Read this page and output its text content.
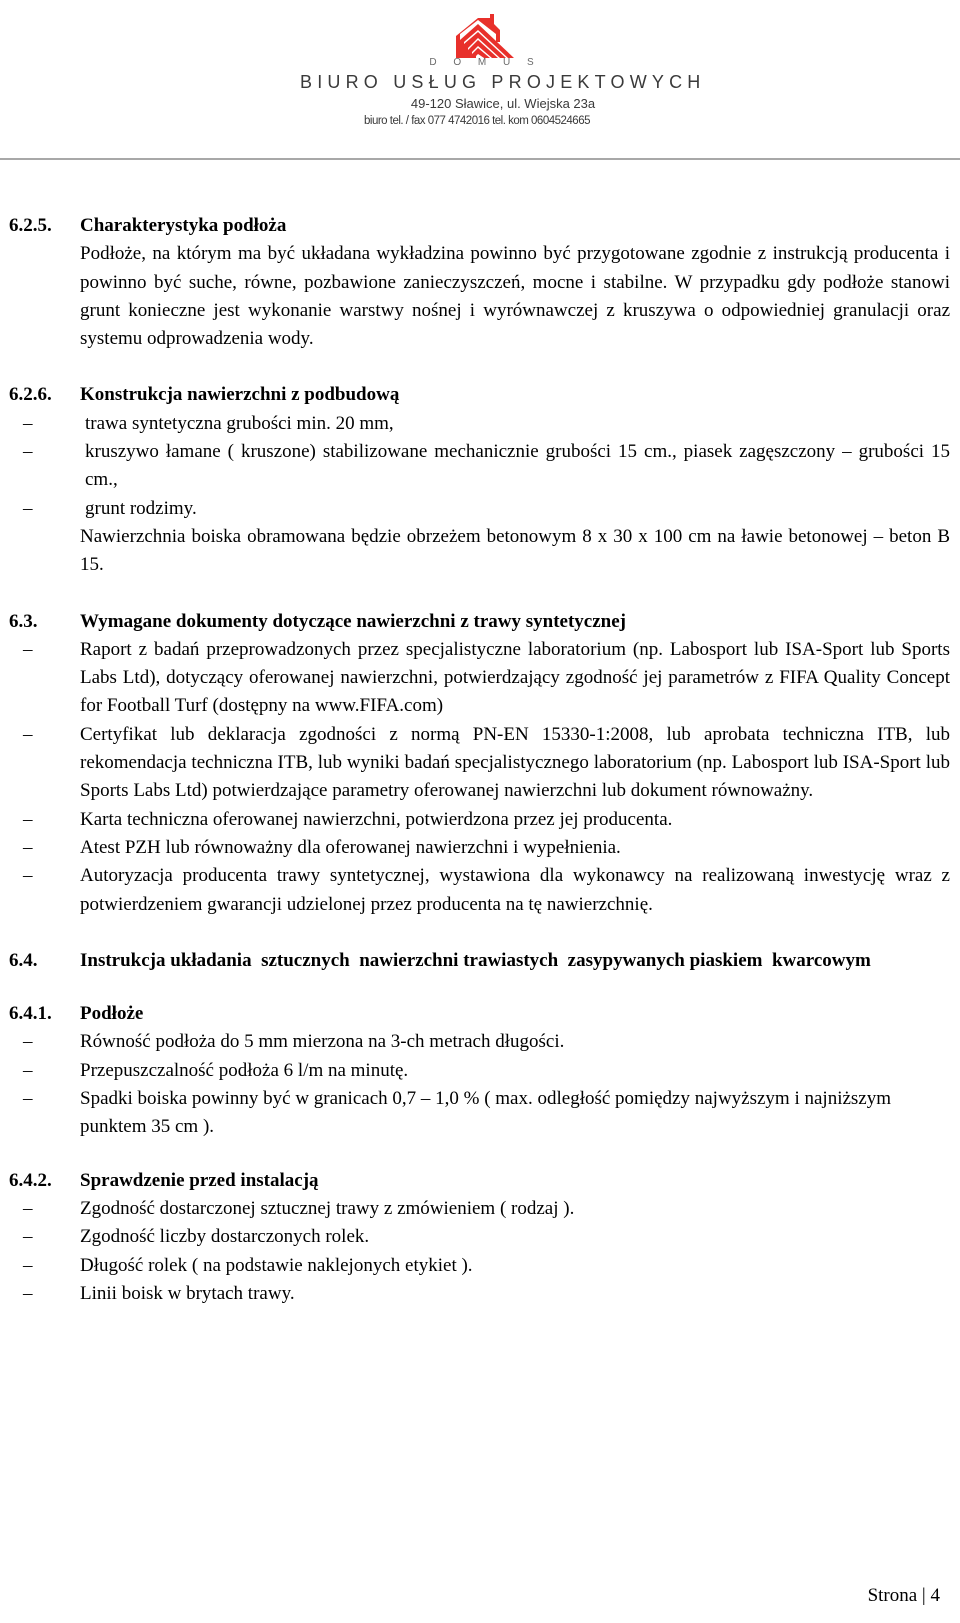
D O M U S
BIURO USŁUG PROJEKTOWYCH
49-120 Sławice, ul. Wiejska 23a
biuro tel. / fax 077 4742016 tel. kom 0604524665
6.2.5.	Charakterystyka podłoża
Podłoże, na którym ma być układana wykładzina powinno być przygotowane zgodnie z instrukcją producenta i powinno być suche, równe, pozbawione zanieczyszczeń, mocne i stabilne. W przypadku gdy podłoże stanowi grunt konieczne jest wykonanie warstwy nośnej i wyrównawczej z kruszywa o odpowiedniej granulacji oraz systemu odprowadzenia wody.
6.2.6.	Konstrukcja nawierzchni z podbudową
–	trawa syntetyczna grubości min. 20 mm,
–	kruszywo łamane ( kruszone) stabilizowane mechanicznie grubości 15 cm., piasek zagęszczony – grubości 15 cm.,
–	grunt rodzimy.
Nawierzchnia boiska obramowana będzie obrzeżem betonowym 8 x 30 x 100 cm na ławie betonowej – beton B 15.
6.3.	Wymagane dokumenty dotyczące nawierzchni z trawy syntetycznej
–	Raport z badań przeprowadzonych przez specjalistyczne laboratorium (np. Labosport lub ISA-Sport lub Sports Labs Ltd), dotyczący oferowanej nawierzchni, potwierdzający zgodność jej parametrów z FIFA Quality Concept for Football Turf (dostępny na www.FIFA.com)
–	Certyfikat lub deklaracja zgodności z normą PN-EN 15330-1:2008, lub aprobata techniczna ITB, lub rekomendacja techniczna ITB, lub wyniki badań specjalistycznego laboratorium (np. Labosport lub ISA-Sport lub Sports Labs Ltd) potwierdzające parametry oferowanej nawierzchni lub dokument równoważny.
–	Karta techniczna oferowanej nawierzchni, potwierdzona przez jej producenta.
–	Atest PZH lub równoważny dla oferowanej nawierzchni i wypełnienia.
–	Autoryzacja producenta trawy syntetycznej, wystawiona dla wykonawcy na realizowaną inwestycję wraz z potwierdzeniem gwarancji udzielonej przez producenta na tę nawierzchnię.
6.4.	Instrukcja układania  sztucznych  nawierzchni trawiastych  zasypywanych piaskiem  kwarcowym
6.4.1.	Podłoże
–	Równość podłoża do 5 mm mierzona na 3-ch metrach długości.
–	Przepuszczalność podłoża 6 l/m na minutę.
–	Spadki boiska powinny być w granicach 0,7 – 1,0 % ( max. odległość pomiędzy najwyższym i najniższym punktem 35 cm ).
6.4.2.	Sprawdzenie przed instalacją
–	Zgodność dostarczonej sztucznej trawy z zmówieniem ( rodzaj ).
–	Zgodność liczby dostarczonych rolek.
–	Długość rolek ( na podstawie naklejonych etykiet ).
–	Linii boisk w brytach trawy.
Strona | 4
